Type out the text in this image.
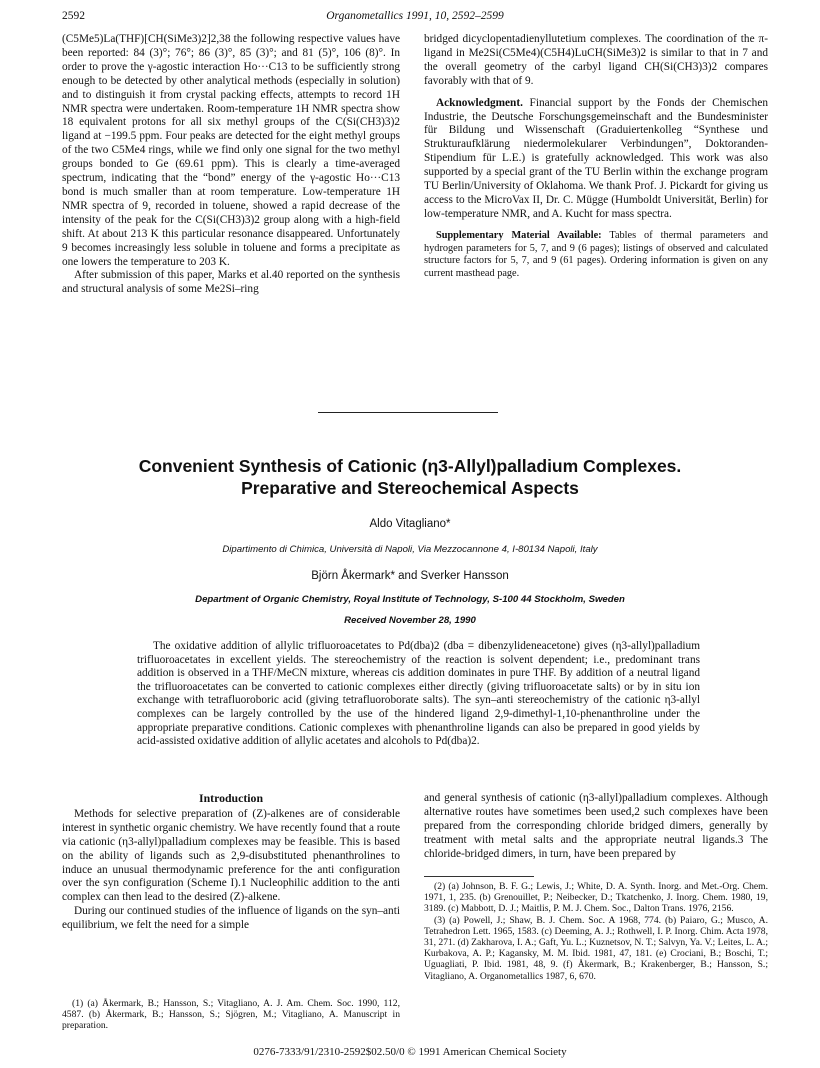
2592	Organometallics 1991, 10, 2592–2599

(C5Me5)La(THF)[CH(SiMe3)2]2,38 the following respective values have been reported: 84 (3)°; 76°; 86 (3)°, 85 (3)°; and 81 (5)°, 106 (8)°. In order to prove the γ-agostic interaction Ho···C13 to be sufficiently strong enough to be detected by other analytical methods (especially in solution) and to distinguish it from crystal packing effects, attempts to record 1H NMR spectra were undertaken. Room-temperature 1H NMR spectra show 18 equivalent protons for all six methyl groups of the C(Si(CH3)3)2 ligand at −199.5 ppm. Four peaks are detected for the eight methyl groups of the two C5Me4 rings, while we find only one signal for the two methyl groups bonded to Ge (69.61 ppm). This is clearly a time-averaged spectrum, indicating that the “bond” energy of the γ-agostic Ho···C13 bond is much smaller than at room temperature. Low-temperature 1H NMR spectra of 9, recorded in toluene, showed a rapid decrease of the intensity of the peak for the C(Si(CH3)3)2 group along with a high-field shift. At about 213 K this particular resonance disappeared. Unfortunately 9 becomes increasingly less soluble in toluene and forms a precipitate as one lowers the temperature to 203 K.

After submission of this paper, Marks et al.40 reported on the synthesis and structural analysis of some Me2Si–ring

bridged dicyclopentadienyllutetium complexes. The coordination of the π-ligand in Me2Si(C5Me4)(C5H4)LuCH(SiMe3)2 is similar to that in 7 and the overall geometry of the carbyl ligand CH(Si(CH3)3)2 compares favorably with that of 9.

Acknowledgment. Financial support by the Fonds der Chemischen Industrie, the Deutsche Forschungsgemeinschaft and the Bundesminister für Bildung und Wissenschaft (Graduiertenkolleg “Synthese und Strukturaufklärung niedermolekularer Verbindungen”, Doktoranden-Stipendium für L.E.) is gratefully acknowledged. This work was also supported by a special grant of the TU Berlin within the exchange program TU Berlin/University of Oklahoma. We thank Prof. J. Pickardt for giving us access to the MicroVax II, Dr. C. Mügge (Humboldt Universität, Berlin) for low-temperature NMR, and A. Kucht for mass spectra.

Supplementary Material Available: Tables of thermal parameters and hydrogen parameters for 5, 7, and 9 (6 pages); listings of observed and calculated structure factors for 5, 7, and 9 (61 pages). Ordering information is given on any current masthead page.

Convenient Synthesis of Cationic (η3-Allyl)palladium Complexes.
Preparative and Stereochemical Aspects
Aldo Vitagliano*
Dipartimento di Chimica, Università di Napoli, Via Mezzocannone 4, I-80134 Napoli, Italy
Björn Åkermark* and Sverker Hansson
Department of Organic Chemistry, Royal Institute of Technology, S-100 44 Stockholm, Sweden
Received November 28, 1990
The oxidative addition of allylic trifluoroacetates to Pd(dba)2 (dba = dibenzylideneacetone) gives (η3-allyl)palladium trifluoroacetates in excellent yields. The stereochemistry of the reaction is solvent dependent; i.e., predominant trans addition is observed in a THF/MeCN mixture, whereas cis addition dominates in pure THF. By addition of a neutral ligand the trifluoroacetates can be converted to cationic complexes either directly (giving trifluoroacetate salts) or by in situ ion exchange with tetrafluoroboric acid (giving tetrafluoroborate salts). The syn–anti stereochemistry of the cationic η3-allyl complexes can be largely controlled by the use of the hindered ligand 2,9-dimethyl-1,10-phenanthroline under the appropriate preparative conditions. Cationic complexes with phenanthroline ligands can also be prepared in good yields by acid-assisted oxidative addition of allylic acetates and alcohols to Pd(dba)2.
Introduction

Methods for selective preparation of (Z)-alkenes are of considerable interest in synthetic organic chemistry. We have recently found that a route via cationic (η3-allyl)palladium complexes may be feasible. This is based on the ability of ligands such as 2,9-disubstituted phenanthrolines to induce an unusual thermodynamic preference for the anti configuration over the syn configuration (Scheme I).1 Nucleophilic addition to the anti complex can then lead to the desired (Z)-alkene.

During our continued studies of the influence of ligands on the syn–anti equilibrium, we felt the need for a simple

(1) (a) Åkermark, B.; Hansson, S.; Vitagliano, A. J. Am. Chem. Soc. 1990, 112, 4587. (b) Åkermark, B.; Hansson, S.; Sjögren, M.; Vitagliano, A. Manuscript in preparation.

and general synthesis of cationic (η3-allyl)palladium complexes. Although alternative routes have sometimes been used,2 such complexes have been prepared from the corresponding chloride bridged dimers, generally by treatment with metal salts and the appropriate neutral ligands.3 The chloride-bridged dimers, in turn, have been prepared by

(2) (a) Johnson, B. F. G.; Lewis, J.; White, D. A. Synth. Inorg. and Met.-Org. Chem. 1971, 1, 235. (b) Grenouillet, P.; Neibecker, D.; Tkatchenko, J. Inorg. Chem. 1980, 19, 3189. (c) Mabbott, D. J.; Maitlis, P. M. J. Chem. Soc., Dalton Trans. 1976, 2156.

(3) (a) Powell, J.; Shaw, B. J. Chem. Soc. A 1968, 774. (b) Paiaro, G.; Musco, A. Tetrahedron Lett. 1965, 1583. (c) Deeming, A. J.; Rothwell, I. P. Inorg. Chim. Acta 1978, 31, 271. (d) Zakharova, I. A.; Gaft, Yu. L.; Kuznetsov, N. T.; Salvyn, Ya. V.; Leites, L. A.; Kurbakova, A. P.; Kagansky, M. M. Ibid. 1981, 47, 181. (e) Crociani, B.; Boschi, T.; Uguagliati, P. Ibid. 1981, 48, 9. (f) Åkermark, B.; Krakenberger, B.; Hansson, S.; Vitagliano, A. Organometallics 1987, 6, 670.

0276-7333/91/2310-2592$02.50/0 © 1991 American Chemical Society
